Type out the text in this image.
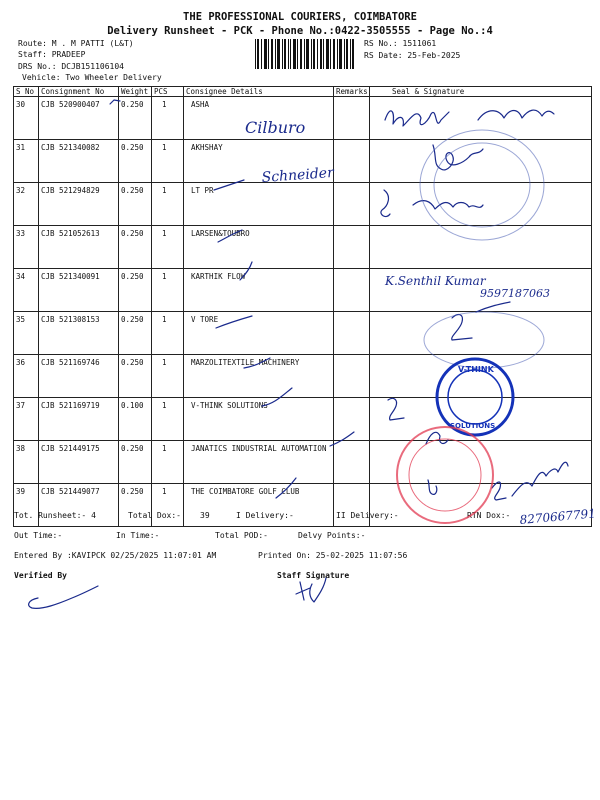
THE PROFESSIONAL COURIERS, COIMBATORE
Delivery Runsheet - PCK - Phone No.:0422-3505555 - Page No.:4
Route: M . M PATTI (L&T)
Staff: PRADEEP
DRS No.: DCJB151106104
Vehicle: Two Wheeler Delivery
RS No.: 1511061
RS Date: 25-Feb-2025
S No	Consignment No	Weight	PCS	Consignee Details	Remarks	Seal & Signature
30	CJB 520900407	0.250	1	ASHA		
31	CJB 521340082	0.250	1	AKHSHAY		
32	CJB 521294829	0.250	1	LT PR		
33	CJB 521052613	0.250	1	LARSEN&TOUBRO		
34	CJB 521340091	0.250	1	KARTHIK FLOW		
35	CJB 521308153	0.250	1	V TORE		
36	CJB 521169746	0.250	1	MARZOLITEXTILE MACHINERY		
37	CJB 521169719	0.100	1	V-THINK SOLUTIONS		
38	CJB 521449175	0.250	1	JANATICS INDUSTRIAL AUTOMATION		
39	CJB 521449077	0.250	1	THE COIMBATORE GOLF CLUB		
Tot. Runsheet:- 4	Total Dox:- 39	I Delivery:-	II Delivery:-	RTN Dox:-
Out Time:-	In Time:-	Total POD:-	Delvy Points:-
Entered By :KAVIPCK 02/25/2025 11:07:01 AM	Printed On: 25-02-2025 11:07:56
Verified By	Staff Signature
V-THINK
SOLUTIONS
Cilburo
Schneider
K.Senthil Kumar
9597187063
8270667791
